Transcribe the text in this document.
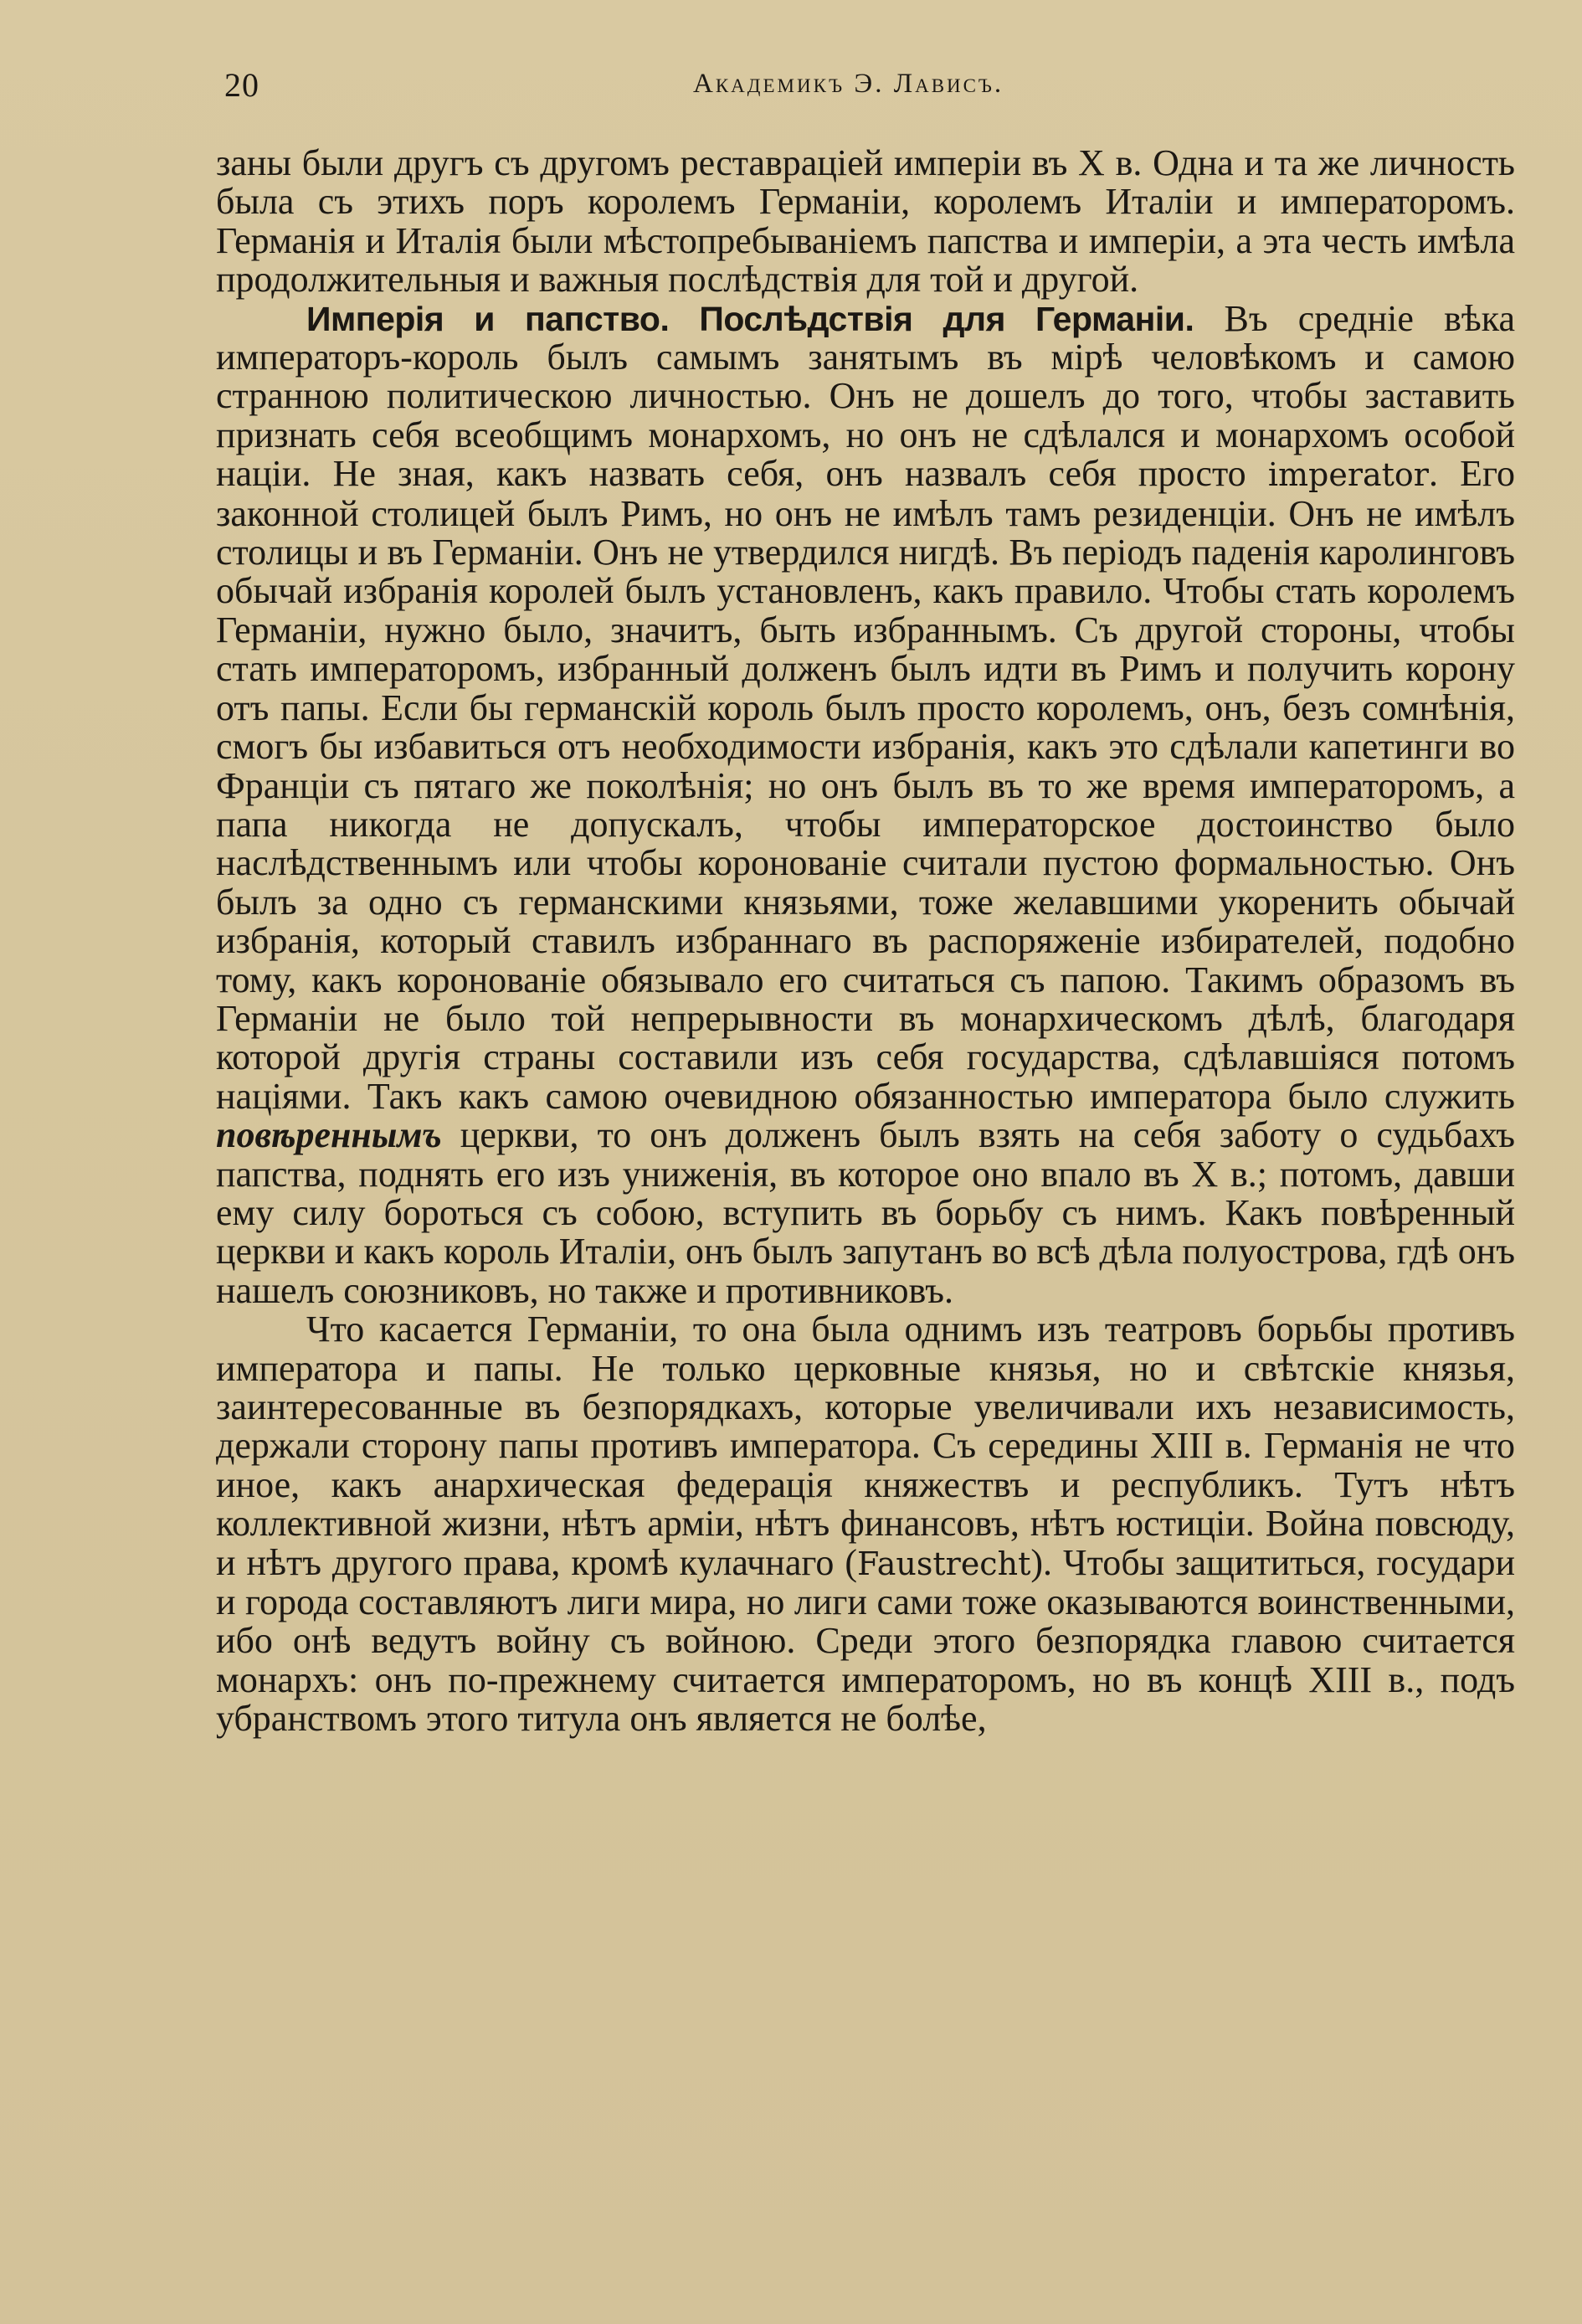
20	Академикъ Э. Лависъ.

заны были другъ съ другомъ реставраціей имперіи въ X в. Одна и та же личность была съ этихъ поръ королемъ Германіи, королемъ Италіи и императоромъ. Германія и Италія были мѣстопребываніемъ папства и имперіи, а эта честь имѣла продолжительныя и важныя послѣдствія для той и другой.

Имперія и папство. Послѣдствія для Германіи. Въ средніе вѣка императоръ-король былъ самымъ занятымъ въ мірѣ человѣкомъ и самою странною политическою личностью. Онъ не дошелъ до того, чтобы заставить признать себя всеобщимъ монархомъ, но онъ не сдѣлался и монархомъ особой націи. Не зная, какъ назвать себя, онъ назвалъ себя просто imperator. Его законной столицей былъ Римъ, но онъ не имѣлъ тамъ резиденціи. Онъ не имѣлъ столицы и въ Германіи. Онъ не утвердился нигдѣ. Въ періодъ паденія каролинговъ обычай избранія королей былъ установленъ, какъ правило. Чтобы стать королемъ Германіи, нужно было, значитъ, быть избраннымъ. Съ другой стороны, чтобы стать императоромъ, избранный долженъ былъ идти въ Римъ и получить корону отъ папы. Если бы германскій король былъ просто королемъ, онъ, безъ сомнѣнія, смогъ бы избавиться отъ необходимости избранія, какъ это сдѣлали капетинги во Франціи съ пятаго же поколѣнія; но онъ былъ въ то же время императоромъ, а папа никогда не допускалъ, чтобы императорское достоинство было наслѣдственнымъ или чтобы коронованіе считали пустою формальностью. Онъ былъ за одно съ германскими князьями, тоже желавшими укоренить обычай избранія, который ставилъ избраннаго въ распоряженіе избирателей, подобно тому, какъ коронованіе обязывало его считаться съ папою. Такимъ образомъ въ Германіи не было той непрерывности въ монархическомъ дѣлѣ, благодаря которой другія страны составили изъ себя государства, сдѣлавшіяся потомъ націями. Такъ какъ самою очевидною обязанностью императора было служить повѣреннымъ церкви, то онъ долженъ былъ взять на себя заботу о судьбахъ папства, поднять его изъ униженія, въ которое оно впало въ X в.; потомъ, давши ему силу бороться съ собою, вступить въ борьбу съ нимъ. Какъ повѣренный церкви и какъ король Италіи, онъ былъ запутанъ во всѣ дѣла полуострова, гдѣ онъ нашелъ союзниковъ, но также и противниковъ.

Что касается Германіи, то она была однимъ изъ театровъ борьбы противъ императора и папы. Не только церковные князья, но и свѣтскіе князья, заинтересованные въ безпорядкахъ, которые увеличивали ихъ независимость, держали сторону папы противъ императора. Съ середины XIII в. Германія не что иное, какъ анархическая федерація княжествъ и республикъ. Тутъ нѣтъ коллективной жизни, нѣтъ арміи, нѣтъ финансовъ, нѣтъ юстиціи. Война повсюду, и нѣтъ другого права, кромѣ кулачнаго (Faustrecht). Чтобы защититься, государи и города составляютъ лиги мира, но лиги сами тоже оказываются воинственными, ибо онѣ ведутъ войну съ войною. Среди этого безпорядка главою считается монархъ: онъ по-прежнему считается императоромъ, но въ концѣ XIII в., подъ убранствомъ этого титула онъ является не болѣе,
